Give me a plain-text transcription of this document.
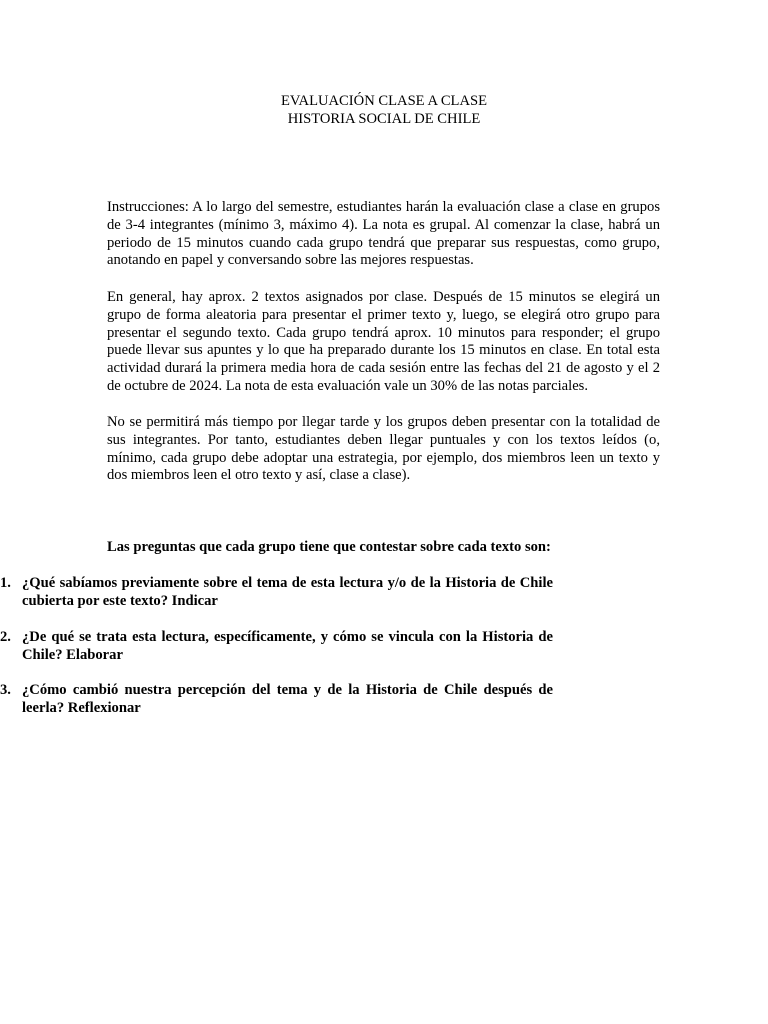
EVALUACIÓN CLASE A CLASE
HISTORIA SOCIAL DE CHILE
Instrucciones: A lo largo del semestre, estudiantes harán la evaluación clase a clase en grupos de 3-4 integrantes (mínimo 3, máximo 4). La nota es grupal. Al comenzar la clase, habrá un periodo de 15 minutos cuando cada grupo tendrá que preparar sus respuestas, como grupo, anotando en papel y conversando sobre las mejores respuestas.
En general, hay aprox. 2 textos asignados por clase. Después de 15 minutos se elegirá un grupo de forma aleatoria para presentar el primer texto y, luego, se elegirá otro grupo para presentar el segundo texto. Cada grupo tendrá aprox. 10 minutos para responder; el grupo puede llevar sus apuntes y lo que ha preparado durante los 15 minutos en clase. En total esta actividad durará la primera media hora de cada sesión entre las fechas del 21 de agosto y el 2 de octubre de 2024. La nota de esta evaluación vale un 30% de las notas parciales.
No se permitirá más tiempo por llegar tarde y los grupos deben presentar con la totalidad de sus integrantes. Por tanto, estudiantes deben llegar puntuales y con los textos leídos (o, mínimo, cada grupo debe adoptar una estrategia, por ejemplo, dos miembros leen un texto y dos miembros leen el otro texto y así, clase a clase).
Las preguntas que cada grupo tiene que contestar sobre cada texto son:
1. ¿Qué sabíamos previamente sobre el tema de esta lectura y/o de la Historia de Chile cubierta por este texto? Indicar
2. ¿De qué se trata esta lectura, específicamente, y cómo se vincula con la Historia de Chile? Elaborar
3. ¿Cómo cambió nuestra percepción del tema y de la Historia de Chile después de leerla? Reflexionar
